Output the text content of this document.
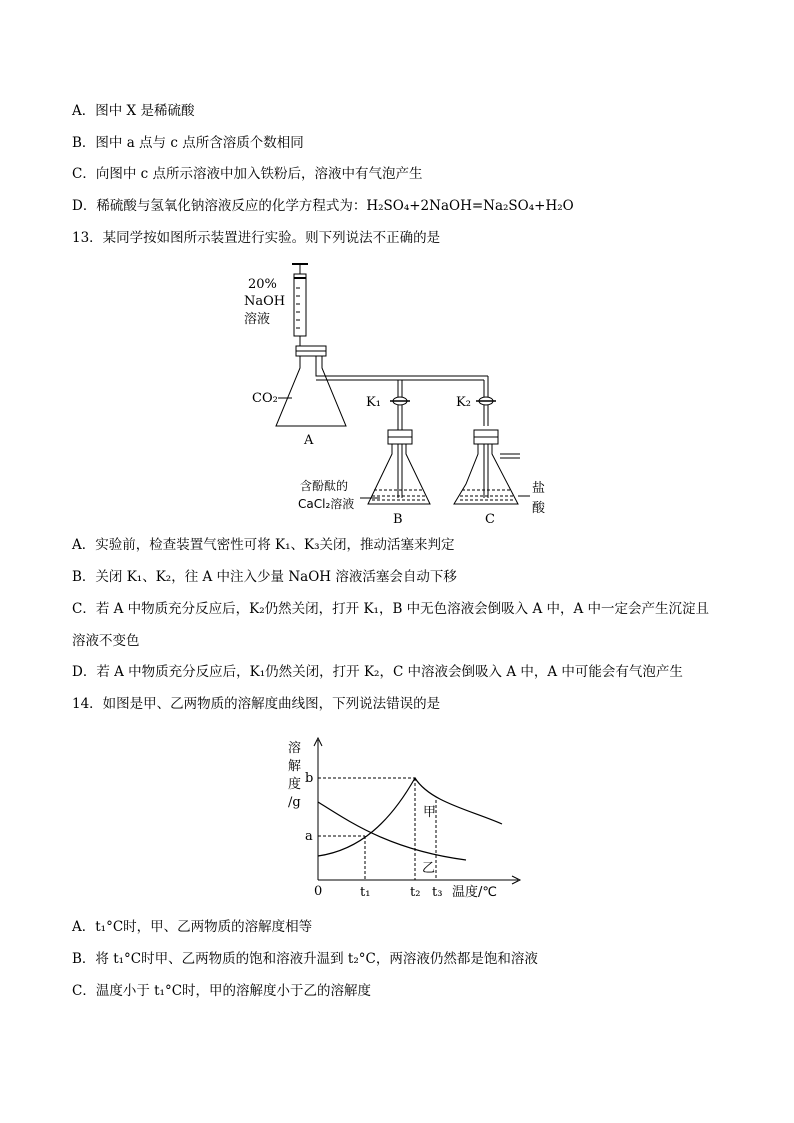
A．图中 X 是稀硫酸
B．图中 a 点与 c 点所含溶质个数相同
C．向图中 c 点所示溶液中加入铁粉后，溶液中有气泡产生
D．稀硫酸与氢氧化钠溶液反应的化学方程式为：H₂SO₄+2NaOH=Na₂SO₄+H₂O
13．某同学按如图所示装置进行实验。则下列说法不正确的是
20%
NaOH
溶液
CO₂
A
K₁	K₂
含酚酞的
CaCl₂溶液
B	C
盐
酸
A．实验前，检查装置气密性可将 K₁、K₃关闭，推动活塞来判定
B．关闭 K₁、K₂，往 A 中注入少量 NaOH 溶液活塞会自动下移
C．若 A 中物质充分反应后，K₂仍然关闭，打开 K₁，B 中无色溶液会倒吸入 A 中，A 中一定会产生沉淀且
溶液不变色
D．若 A 中物质充分反应后，K₁仍然关闭，打开 K₂，C 中溶液会倒吸入 A 中，A 中可能会有气泡产生
14．如图是甲、乙两物质的溶解度曲线图，下列说法错误的是
溶
解
度
/g
b
a
0	t₁	t₂ t₃ 温度/℃
甲
乙
A．t₁°C时，甲、乙两物质的溶解度相等
B．将 t₁°C时甲、乙两物质的饱和溶液升温到 t₂°C，两溶液仍然都是饱和溶液
C．温度小于 t₁°C时，甲的溶解度小于乙的溶解度
